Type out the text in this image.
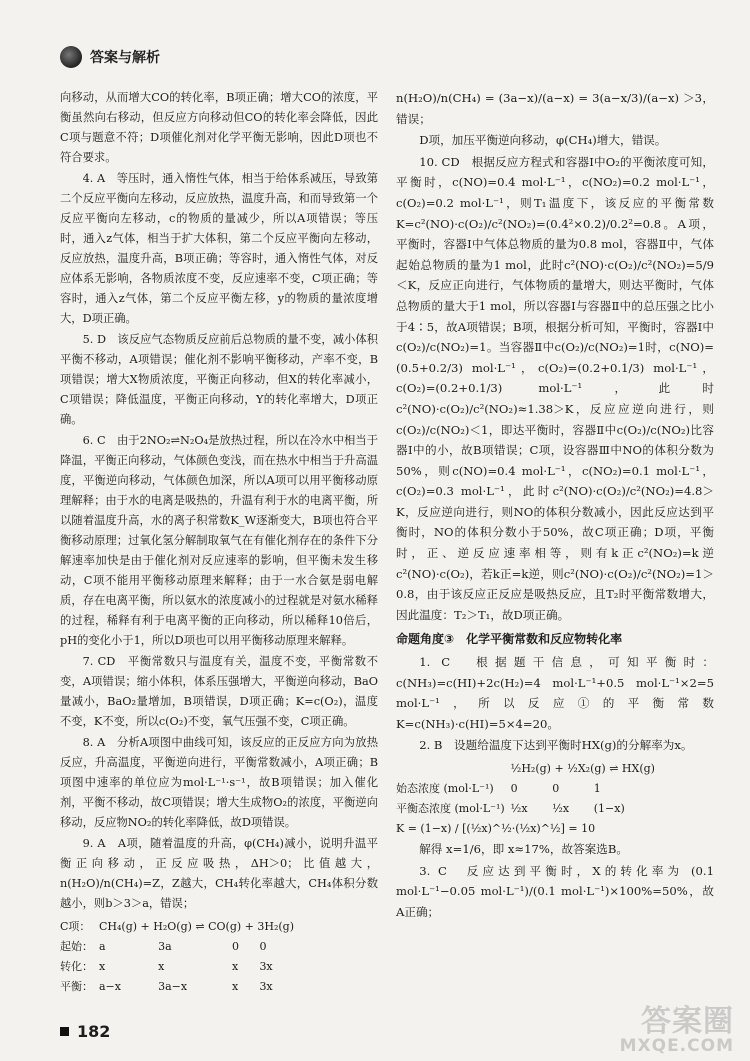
答案与解析

向移动，从而增大CO的转化率，B项正确；增大CO的浓度，平衡虽然向右移动，但反应方向移动但CO的转化率会降低，因此C项与题意不符；D项催化剂对化学平衡无影响，因此D项也不符合要求。

4. A　等压时，通入惰性气体，相当于给体系减压，导致第二个反应平衡向左移动，反应放热，温度升高，和而导致第一个反应平衡向左移动，c的物质的量减少，所以A项错误；等压时，通入z气体，相当于扩大体积，第二个反应平衡向左移动，反应放热，温度升高，B项正确；等容时，通入惰性气体，对反应体系无影响，各物质浓度不变，反应速率不变，C项正确；等容时，通入z气体，第二个反应平衡左移，y的物质的量浓度增大，D项正确。

5. D　该反应气态物质反应前后总物质的量不变，减小体积平衡不移动，A项错误；催化剂不影响平衡移动，产率不变，B项错误；增大X物质浓度，平衡正向移动，但X的转化率减小，C项错误；降低温度，平衡正向移动，Y的转化率增大，D项正确。

6. C　由于2NO₂⇌N₂O₄是放热过程，所以在冷水中相当于降温，平衡正向移动，气体颜色变浅，而在热水中相当于升高温度，平衡逆向移动，气体颜色加深，所以A项可以用平衡移动原理解释；由于水的电离是吸热的，升温有利于水的电离平衡，所以随着温度升高，水的离子积常数K_W逐渐变大，B项也符合平衡移动原理；过氧化氢分解制取氧气在有催化剂存在的条件下分解速率加快是由于催化剂对反应速率的影响，但平衡未发生移动，C项不能用平衡移动原理来解释；由于一水合氨是弱电解质，存在电离平衡，所以氨水的浓度减小的过程就是对氨水稀释的过程，稀释有利于电离平衡的正向移动，所以稀释10倍后，pH的变化小于1，所以D项也可以用平衡移动原理来解释。

7. CD　平衡常数只与温度有关，温度不变，平衡常数不变，A项错误；缩小体积，体系压强增大，平衡逆向移动，BaO量减小，BaO₂量增加，B项错误，D项正确；K=c(O₂)，温度不变，K不变，所以c(O₂)不变，氧气压强不变，C项正确。

8. A　分析A项图中曲线可知，该反应的正反应方向为放热反应，升高温度，平衡逆向进行，平衡常数减小，A项正确；B项图中速率的单位应为mol·L⁻¹·s⁻¹，故B项错误；加入催化剂，平衡不移动，故C项错误；增大生成物O₂的浓度，平衡逆向移动，反应物NO₂的转化率降低，故D项错误。

9. A　A项，随着温度的升高，φ(CH₄)减小，说明升温平衡正向移动，正反应吸热，ΔH＞0；比值越大，n(H₂O)/n(CH₄)=Z，Z越大，CH₄转化率越大，CH₄体积分数越小，则b＞3＞a，错误；

C项：	CH₄(g) + H₂O(g) ⇌ CO(g) + 3H₂(g)			
起始：	a	3a	0	0
转化：	x	x	x	3x
平衡：	a−x	3a−x	x	3x

n(H₂O)/n(CH₄) = (3a−x)/(a−x) = 3(a−x/3)/(a−x) ＞3，错误；

D项，加压平衡逆向移动，φ(CH₄)增大，错误。

10. CD　根据反应方程式和容器Ⅰ中O₂的平衡浓度可知，平衡时，c(NO)=0.4 mol·L⁻¹，c(NO₂)=0.2 mol·L⁻¹，c(O₂)=0.2 mol·L⁻¹，则T₁温度下，该反应的平衡常数K=c²(NO)·c(O₂)/c²(NO₂)=(0.4²×0.2)/0.2²=0.8。A项，平衡时，容器Ⅰ中气体总物质的量为0.8 mol，容器Ⅱ中，气体起始总物质的量为1 mol，此时c²(NO)·c(O₂)/c²(NO₂)=5/9＜K，反应正向进行，气体物质的量增大，则达平衡时，气体总物质的量大于1 mol，所以容器Ⅰ与容器Ⅱ中的总压强之比小于4∶5，故A项错误；B项，根据分析可知，平衡时，容器Ⅰ中c(O₂)/c(NO₂)=1。当容器Ⅱ中c(O₂)/c(NO₂)=1时，c(NO)=(0.5+0.2/3) mol·L⁻¹，c(O₂)=(0.2+0.1/3) mol·L⁻¹，c(O₂)=(0.2+0.1/3) mol·L⁻¹，此时c²(NO)·c(O₂)/c²(NO₂)≈1.38＞K，反应应逆向进行，则c(O₂)/c(NO₂)＜1，即达平衡时，容器Ⅱ中c(O₂)/c(NO₂)比容器Ⅰ中的小，故B项错误；C项，设容器Ⅲ中NO的体积分数为50%，则c(NO)=0.4 mol·L⁻¹，c(NO₂)=0.1 mol·L⁻¹，c(O₂)=0.3 mol·L⁻¹，此时c²(NO)·c(O₂)/c²(NO₂)=4.8＞K，反应逆向进行，则NO的体积分数减小，因此反应达到平衡时，NO的体积分数小于50%，故C项正确；D项，平衡时，正、逆反应速率相等，则有k正c²(NO₂)=k逆c²(NO)·c(O₂)，若k正=k逆，则c²(NO)·c(O₂)/c²(NO₂)=1＞0.8，由于该反应正反应是吸热反应，且T₂时平衡常数增大，因此温度：T₂＞T₁，故D项正确。

命题角度③　化学平衡常数和反应物转化率

1. C　根据题干信息，可知平衡时：c(NH₃)=c(HI)+2c(H₂)=4 mol·L⁻¹+0.5 mol·L⁻¹×2=5 mol·L⁻¹，所以反应①的平衡常数K=c(NH₃)·c(HI)=5×4=20。

2. B　设题给温度下达到平衡时HX(g)的分解率为x。

	½H₂(g) + ½X₂(g) ⇌ HX(g)		
始态浓度 (mol·L⁻¹)	0	0	1
平衡态浓度 (mol·L⁻¹)	½x	½x	(1−x)
K = (1−x) / [(½x)^½·(½x)^½] = 10			

解得 x=1/6，即 x≈17%，故答案选B。

3. C　反应达到平衡时，X的转化率为 (0.1 mol·L⁻¹−0.05 mol·L⁻¹)/(0.1 mol·L⁻¹)×100%=50%，故A正确；

182	答案圈
MXQE.COM
